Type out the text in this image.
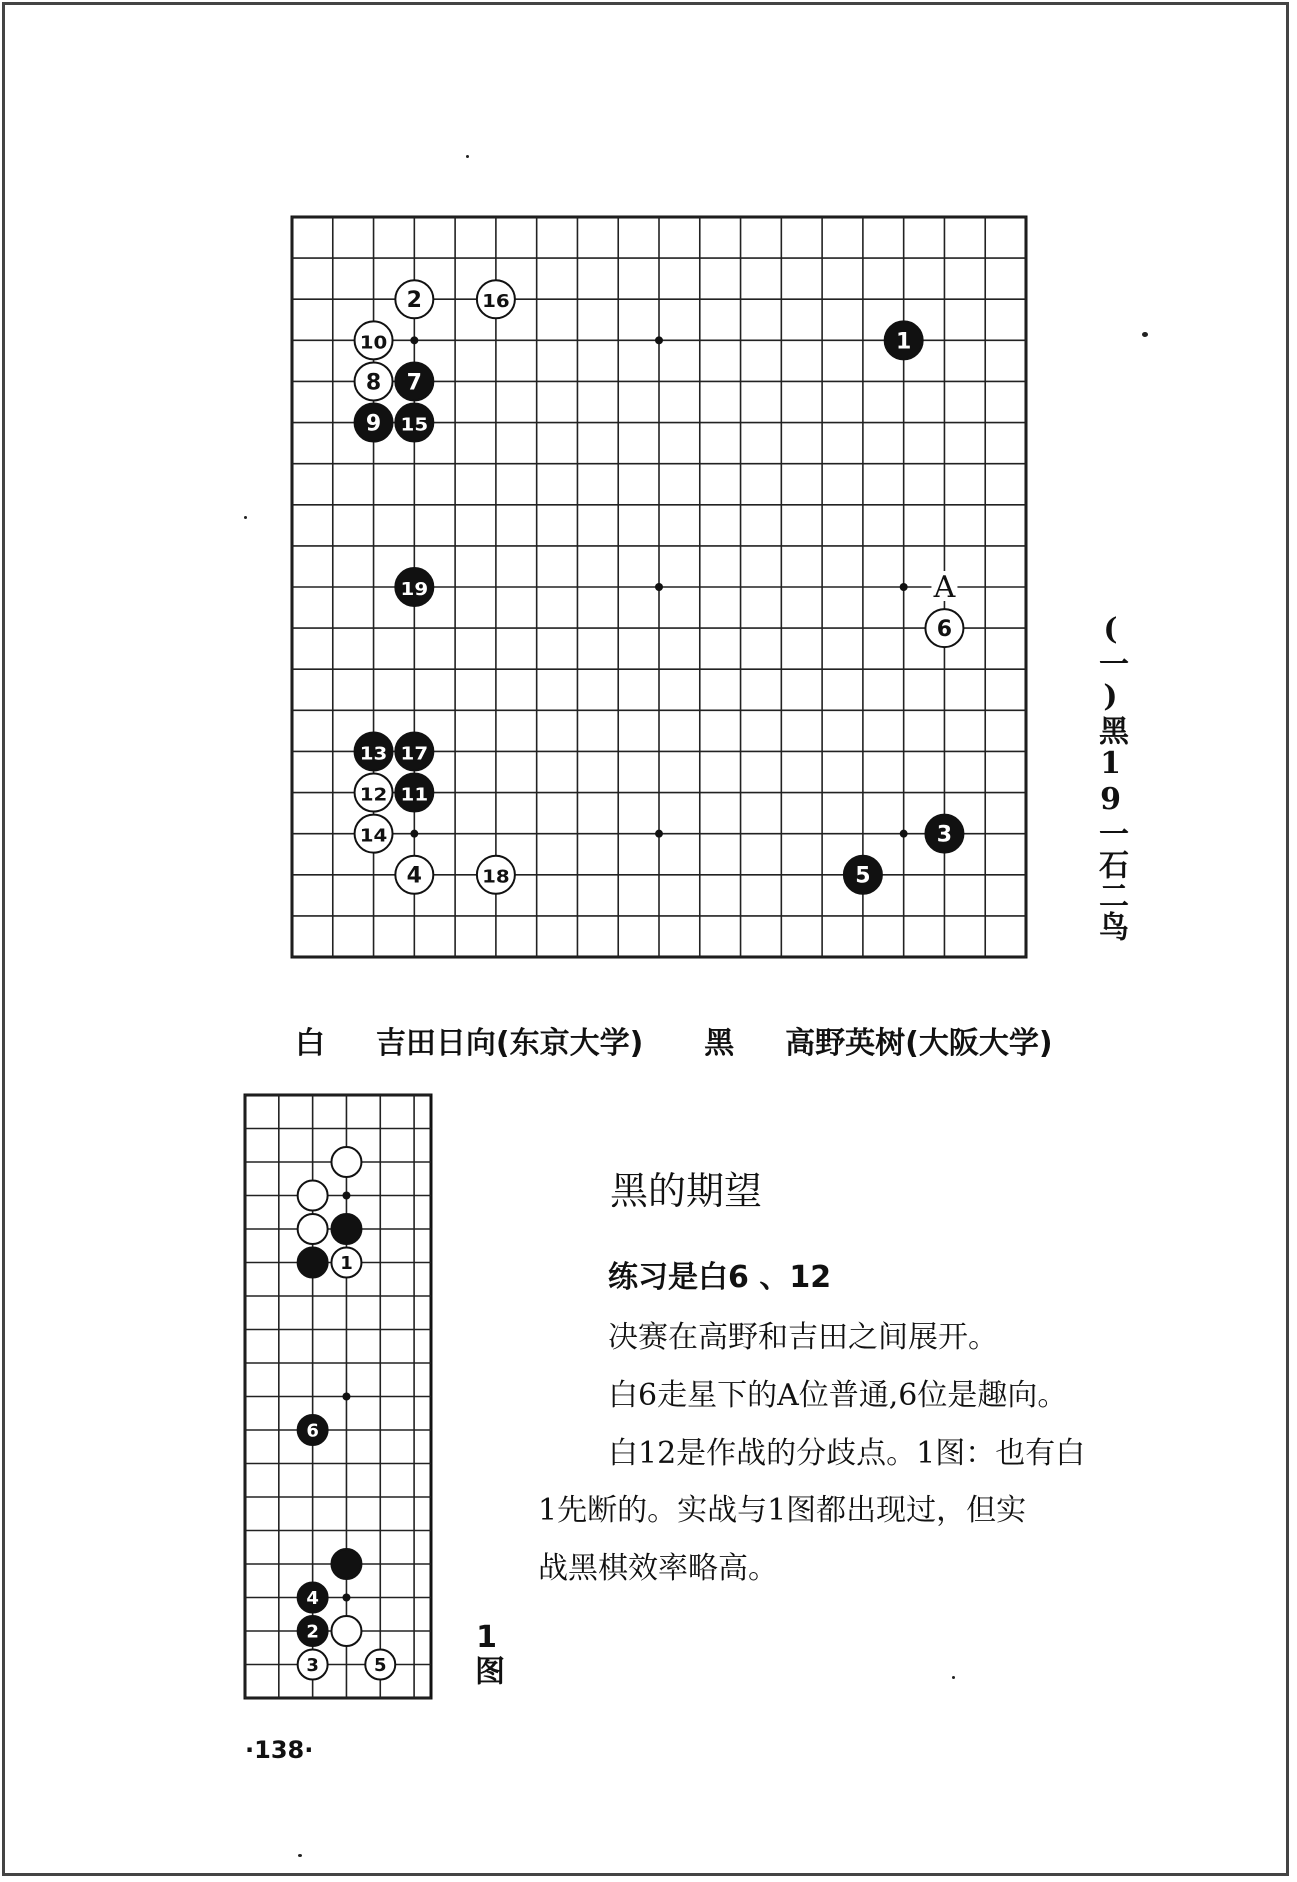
2	16
1
10
8 7
9 15
19
6
13 17
12 11
14	3
4	18	5
A
(一)黑19一石二鸟
白 吉田日向(东京大学) 黑 高野英树(大阪大学)
1
6
4
2
3	5	1图
黑的期望
练习是白6 、12
决赛在高野和吉田之间展开。
白6走星下的A位普通,6位是趣向。
白12是作战的分歧点。1图：也有白
1先断的。实战与1图都出现过，但实
战黑棋效率略高。
·138·
